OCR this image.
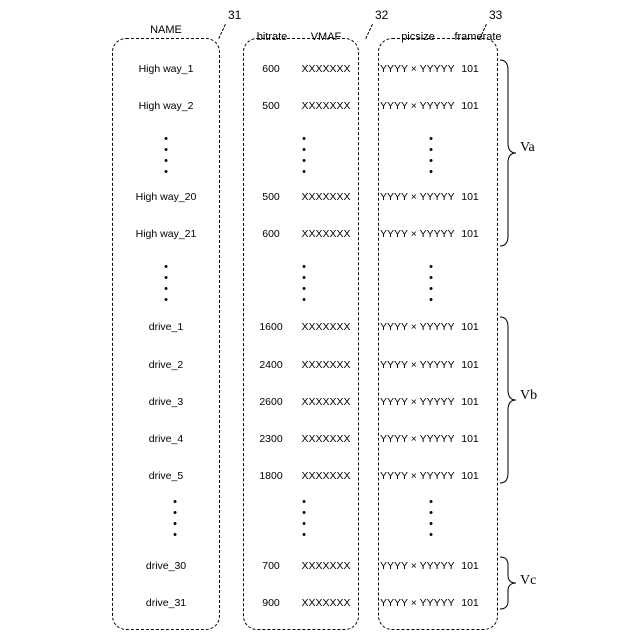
31	32	33
NAME
bitrate	VMAF	picsize	framerate
High way_1	600	XXXXXXX	YYYY × YYYYY 101
High way_2	500	XXXXXXX	YYYY × YYYYY 101
•
•
•
•
•
•
•
•
•
•
•
•
High way_20	500	XXXXXXX	YYYY × YYYYY 101
High way_21	600	XXXXXXX	YYYY × YYYYY 101
•
•
•
•
•
•
•
•
•
•
•
•
drive_1	1600	XXXXXXX	YYYY × YYYYY 101
drive_2	2400	XXXXXXX	YYYY × YYYYY 101
drive_3	2600	XXXXXXX	YYYY × YYYYY 101
drive_4	2300	XXXXXXX	YYYY × YYYYY 101
drive_5	1800	XXXXXXX	YYYY × YYYYY 101
•
•
•
•
•
•
•
•
•
•
•
•
drive_30	700	XXXXXXX	YYYY × YYYYY 101
drive_31	900	XXXXXXX	YYYY × YYYYY 101
Va
Vb
Vc
